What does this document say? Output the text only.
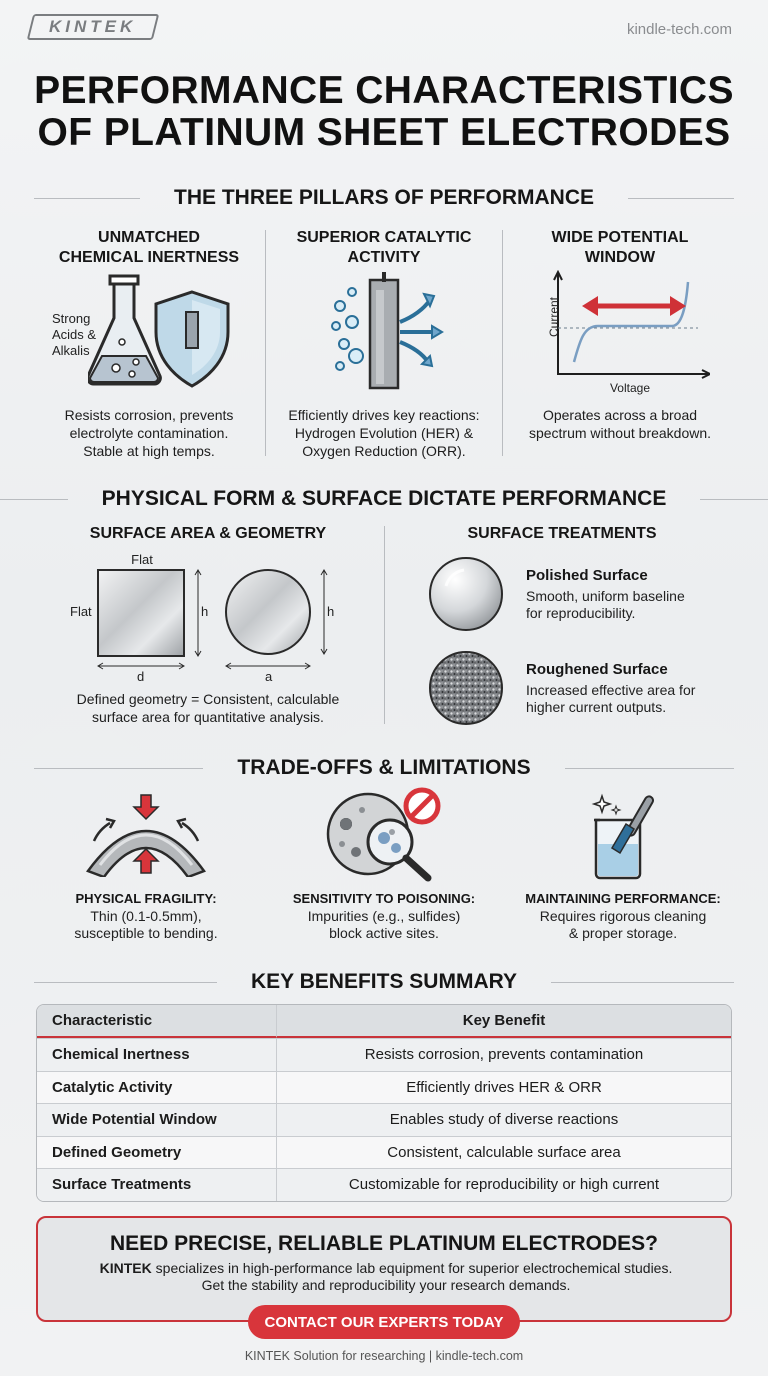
KINTEK	kindle-tech.com
PERFORMANCE CHARACTERISTICS
OF PLATINUM SHEET ELECTRODES
THE THREE PILLARS OF PERFORMANCE
UNMATCHED
CHEMICAL INERTNESS
Strong
Acids &
Alkalis
Resists corrosion, prevents
electrolyte contamination.
Stable at high temps.
SUPERIOR CATALYTIC
ACTIVITY
Efficiently drives key reactions:
Hydrogen Evolution (HER) &
Oxygen Reduction (ORR).
WIDE POTENTIAL
WINDOW
Current
Voltage
Operates across a broad
spectrum without breakdown.
PHYSICAL FORM & SURFACE DICTATE PERFORMANCE
SURFACE AREA & GEOMETRY
Flat
Flat	h	h
d	a
Defined geometry = Consistent, calculable
surface area for quantitative analysis.
SURFACE TREATMENTS
Polished Surface
Smooth, uniform baseline
for reproducibility.
Roughened Surface
Increased effective area for
higher current outputs.
TRADE-OFFS & LIMITATIONS
PHYSICAL FRAGILITY:
Thin (0.1-0.5mm),
susceptible to bending.
SENSITIVITY TO POISONING:
Impurities (e.g., sulfides)
block active sites.
MAINTAINING PERFORMANCE:
Requires rigorous cleaning
& proper storage.
KEY BENEFITS SUMMARY
Characteristic	Key Benefit
Chemical Inertness	Resists corrosion, prevents contamination
Catalytic Activity	Efficiently drives HER & ORR
Wide Potential Window	Enables study of diverse reactions
Defined Geometry	Consistent, calculable surface area
Surface Treatments	Customizable for reproducibility or high current
NEED PRECISE, RELIABLE PLATINUM ELECTRODES?
KINTEK specializes in high-performance lab equipment for superior electrochemical studies.
Get the stability and reproducibility your research demands.
CONTACT OUR EXPERTS TODAY
KINTEK Solution for researching | kindle-tech.com
